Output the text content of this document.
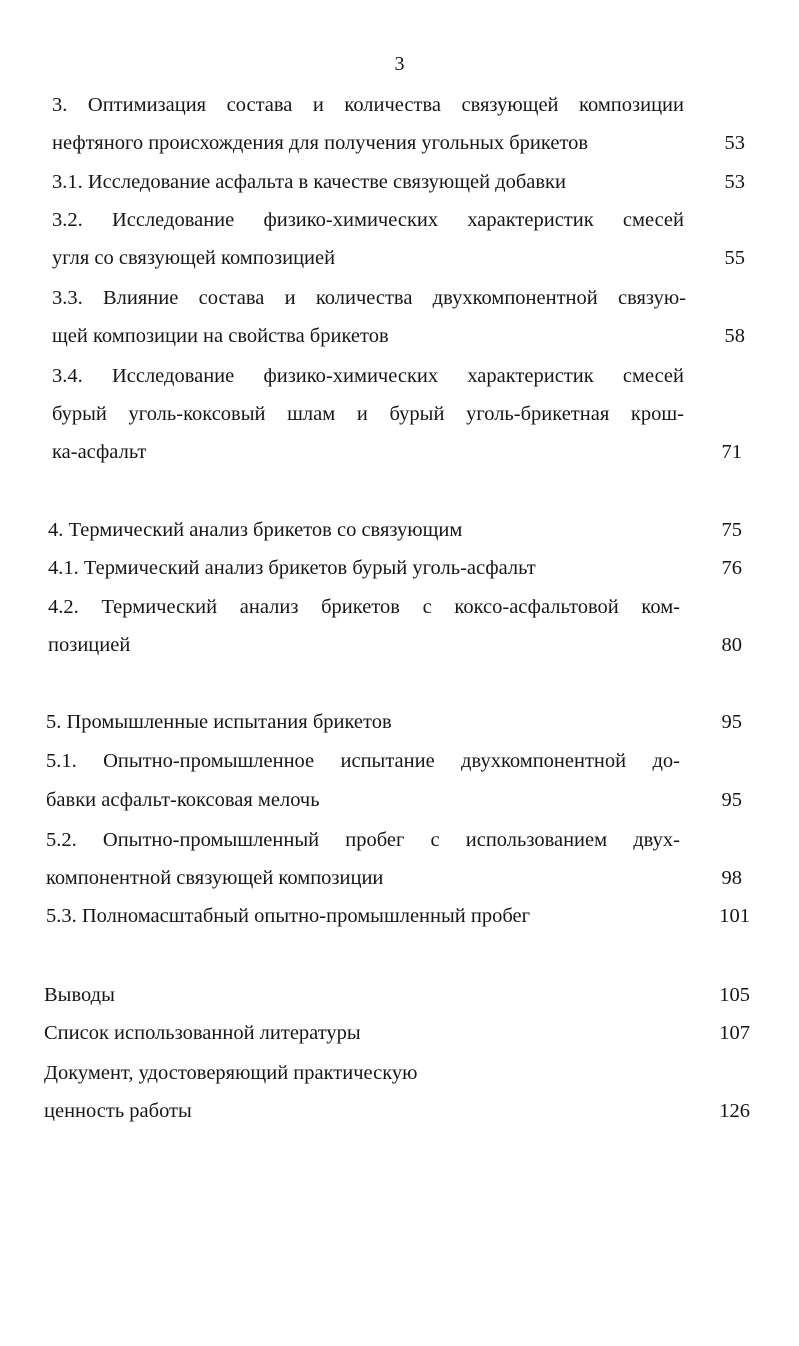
3
3. Оптимизация состава и количества связующей композиции
нефтяного происхождения для получения угольных брикетов	53
3.1. Исследование асфальта в качестве связующей добавки	53
3.2. Исследование физико-химических характеристик смесей
угля со связующей композицией	55
3.3. Влияние состава и количества двухкомпонентной связую-
щей композиции на свойства брикетов	58
3.4. Исследование физико-химических характеристик смесей
бурый уголь-коксовый шлам и бурый уголь-брикетная крош-
ка-асфальт	71
4. Термический анализ брикетов со связующим	75
4.1. Термический анализ брикетов бурый уголь-асфальт	76
4.2. Термический анализ брикетов с коксо-асфальтовой ком-
позицией	80
5. Промышленные испытания брикетов	95
5.1. Опытно-промышленное испытание двухкомпонентной до-
бавки асфальт-коксовая мелочь	95
5.2. Опытно-промышленный пробег с использованием двух-
компонентной связующей композиции	98
5.3. Полномасштабный опытно-промышленный пробег	101
Выводы	105
Список использованной литературы	107
Документ, удостоверяющий практическую
ценность работы	126
